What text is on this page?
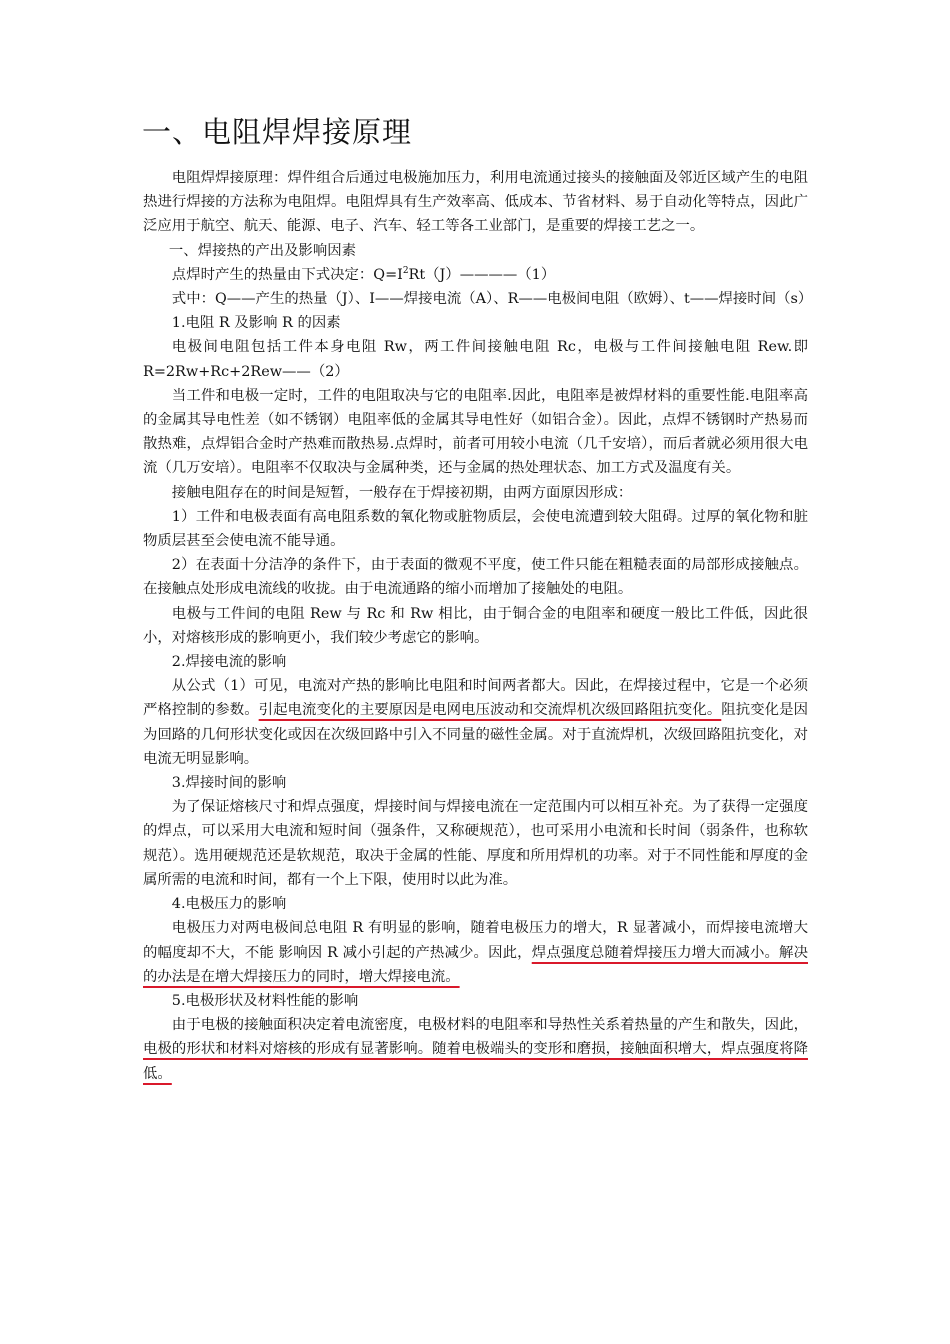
一、电阻焊焊接原理

电阻焊焊接原理：焊件组合后通过电极施加压力，利用电流通过接头的接触面及邻近区域产生的电阻热进行焊接的方法称为电阻焊。电阻焊具有生产效率高、低成本、节省材料、易于自动化等特点，因此广泛应用于航空、航天、能源、电子、汽车、轻工等各工业部门，是重要的焊接工艺之一。

一、焊接热的产出及影响因素

点焊时产生的热量由下式决定：$Q=I^2Rt(J)————(1)$

式中：Q——产生的热量（J）、I——焊接电流（A）、R——电极间电阻（欧姆）、t——焊接时间（s）

1.电阻 R 及影响 R 的因素

电极间电阻包括工件本身电阻 Rw，两工件间接触电阻 Rc，电极与工件间接触电阻 Rew.即 R=2Rw+Rc+2Rew——（2）

当工件和电极一定时，工件的电阻取决与它的电阻率.因此，电阻率是被焊材料的重要性能.电阻率高的金属其导电性差（如不锈钢）电阻率低的金属其导电性好（如铝合金）。因此，点焊不锈钢时产热易而散热难，点焊铝合金时产热难而散热易.点焊时，前者可用较小电流（几千安培），而后者就必须用很大电流（几万安培）。电阻率不仅取决与金属种类，还与金属的热处理状态、加工方式及温度有关。

接触电阻存在的时间是短暂，一般存在于焊接初期，由两方面原因形成：

1）工件和电极表面有高电阻系数的氧化物或脏物质层，会使电流遭到较大阻碍。过厚的氧化物和脏物质层甚至会使电流不能导通。

2）在表面十分洁净的条件下，由于表面的微观不平度，使工件只能在粗糙表面的局部形成接触点。在接触点处形成电流线的收拢。由于电流通路的缩小而增加了接触处的电阻。

电极与工件间的电阻 Rew 与 Rc 和 Rw 相比，由于铜合金的电阻率和硬度一般比工件低，因此很小，对熔核形成的影响更小，我们较少考虑它的影响。

2.焊接电流的影响

从公式（1）可见，电流对产热的影响比电阻和时间两者都大。因此，在焊接过程中，它是一个必须严格控制的参数。引起电流变化的主要原因是电网电压波动和交流焊机次级回路阻抗变化。阻抗变化是因为回路的几何形状变化或因在次级回路中引入不同量的磁性金属。对于直流焊机，次级回路阻抗变化，对电流无明显影响。

3.焊接时间的影响

为了保证熔核尺寸和焊点强度，焊接时间与焊接电流在一定范围内可以相互补充。为了获得一定强度的焊点，可以采用大电流和短时间（强条件，又称硬规范），也可采用小电流和长时间（弱条件，也称软规范）。选用硬规范还是软规范，取决于金属的性能、厚度和所用焊机的功率。对于不同性能和厚度的金属所需的电流和时间，都有一个上下限，使用时以此为准。

4.电极压力的影响

电极压力对两电极间总电阻 R 有明显的影响，随着电极压力的增大，R 显著减小，而焊接电流增大的幅度却不大，不能 影响因 R 减小引起的产热减少。因此，焊点强度总随着焊接压力增大而减小。解决的办法是在增大焊接压力的同时，增大焊接电流。

5.电极形状及材料性能的影响

由于电极的接触面积决定着电流密度，电极材料的电阻率和导热性关系着热量的产生和散失，因此，电极的形状和材料对熔核的形成有显著影响。随着电极端头的变形和磨损，接触面积增大，焊点强度将降低。
